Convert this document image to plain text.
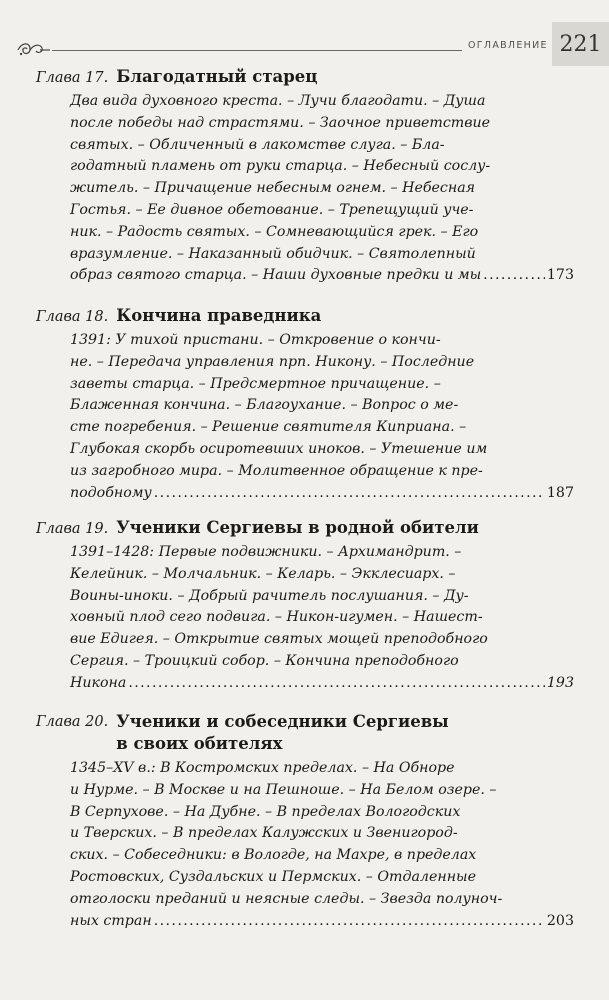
ОГЛАВЛЕНИЕ 221
Глава 17. Благодатный старец
Два вида духовного креста. – Лучи благодати. – Душа
после победы над страстями. – Заочное приветствие
святых. – Обличенный в лакомстве слуга. – Бла-
годатный пламень от руки старца. – Небесный сослу-
житель. – Причащение небесным огнем. – Небесная
Гостья. – Ее дивное обетование. – Трепещущий уче-
ник. – Радость святых. – Сомневающийся грек. – Его
вразумление. – Наказанный обидчик. – Святолепный
образ святого старца. – Наши духовные предки и мы .....	173
Глава 18. Кончина праведника
1391: У тихой пристани. – Откровение о кончи-
не. – Передача управления прп. Никону. – Последние
заветы старца. – Предсмертное причащение. –
Блаженная кончина. – Благоухание. – Вопрос о ме-
сте погребения. – Решение святителя Киприана. –
Глубокая скорбь осиротевших иноков. – Утешение им
из загробного мира. – Молитвенное обращение к пре-
подобному .....	187
Глава 19. Ученики Сергиевы в родной обители
1391–1428: Первые подвижники. – Архимандрит. –
Келейник. – Молчальник. – Келарь. – Экклесиарх. –
Воины-иноки. – Добрый рачитель послушания. – Ду-
ховный плод сего подвига. – Никон-игумен. – Нашест-
вие Едигея. – Открытие святых мощей преподобного
Сергия. – Троицкий собор. – Кончина преподобного
Никона .....	193
Глава 20. Ученики и собеседники Сергиевы
в своих обителях
1345–XV в.: В Костромских пределах. – На Обноре
и Нурме. – В Москве и на Пешноше. – На Белом озере. –
В Серпухове. – На Дубне. – В пределах Вологодских
и Тверских. – В пределах Калужских и Звенигород-
ских. – Собеседники: в Вологде, на Махре, в пределах
Ростовских, Суздальских и Пермских. – Отдаленные
отголоски преданий и неясные следы. – Звезда полуноч-
ных стран .....	203
